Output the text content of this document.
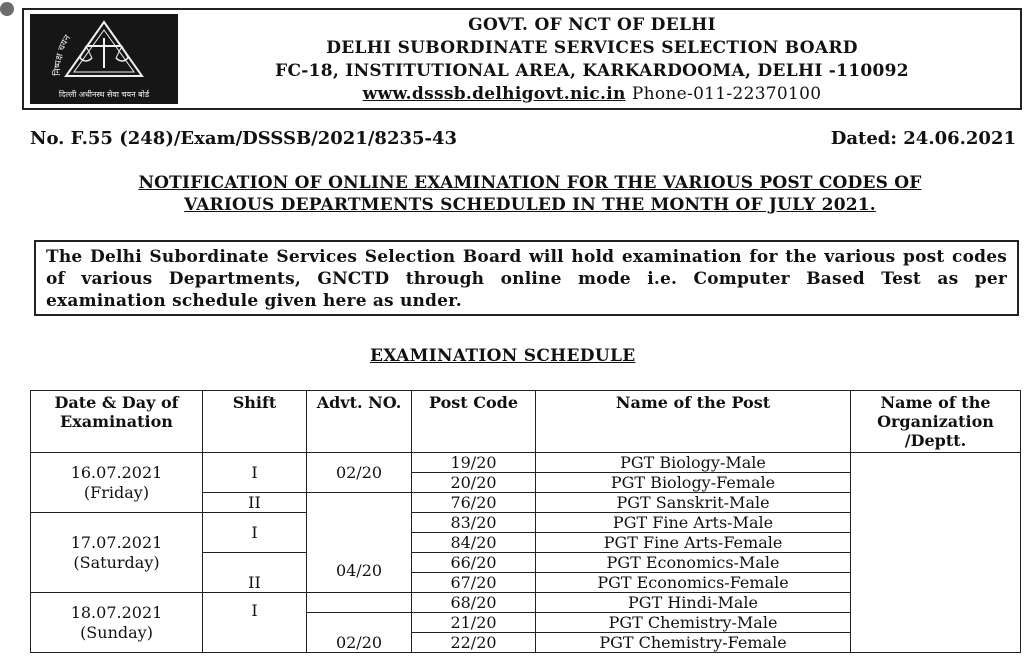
निष्पक्ष चयन
दिल्ली अधीनस्थ सेवा चयन बोर्ड
GOVT. OF NCT OF DELHI
DELHI SUBORDINATE SERVICES SELECTION BOARD
FC-18, INSTITUTIONAL AREA, KARKARDOOMA, DELHI -110092
www.dsssb.delhigovt.nic.in Phone-011-22370100
No. F.55 (248)/Exam/DSSSB/2021/8235-43	Dated: 24.06.2021
NOTIFICATION OF ONLINE EXAMINATION FOR THE VARIOUS POST CODES OF
VARIOUS DEPARTMENTS SCHEDULED IN THE MONTH OF JULY 2021.
The Delhi Subordinate Services Selection Board will hold examination for the various post codes of various Departments, GNCTD through online mode i.e. Computer Based Test as per examination schedule given here as under.
EXAMINATION SCHEDULE
Date & Day of Examination	Shift	Advt. NO.	Post Code	Name of the Post	Name of the Organization /Deptt.

16.07.2021
(Friday)	I	02/20	19/20	PGT Biology-Male	
			20/20	PGT Biology-Female	
	II	04/20	76/20	PGT Sanskrit-Male	

17.07.2021
(Saturday)	I		83/20	PGT Fine Arts-Male	
			84/20	PGT Fine Arts-Female	
	II		66/20	PGT Economics-Male	
			67/20	PGT Economics-Female	

18.07.2021
(Sunday)	I		68/20	PGT Hindi-Male	

		02/20	21/20	PGT Chemistry-Male	
			22/20	PGT Chemistry-Female	
